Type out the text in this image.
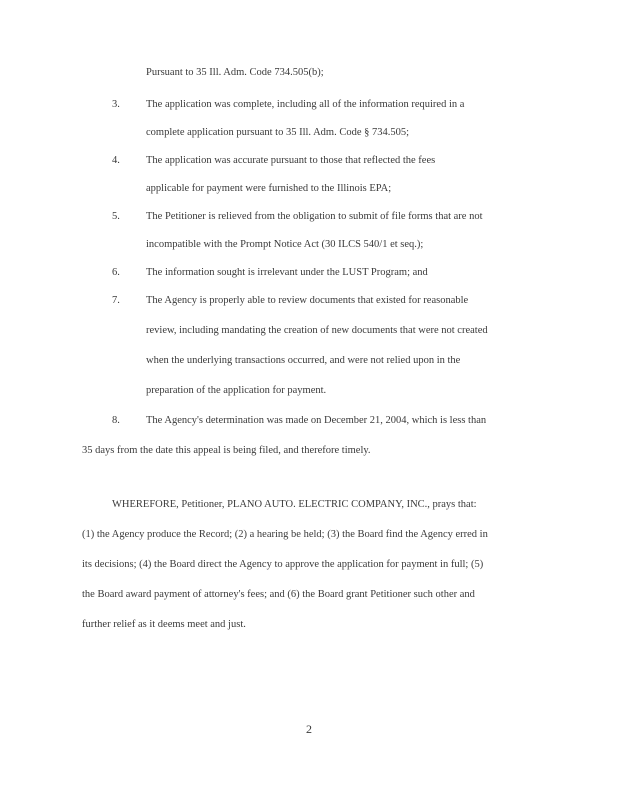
Pursuant to 35 Ill. Adm. Code 734.505(b);
3. The application was complete, including all of the information required in a
complete application pursuant to 35 Ill. Adm. Code § 734.505;
4. The application was accurate pursuant to those that reflected the fees
applicable for payment were furnished to the Illinois EPA;
5. The Petitioner is relieved from the obligation to submit of file forms that are not
incompatible with the Prompt Notice Act (30 ILCS 540/1 et seq.);
6. The information sought is irrelevant under the LUST Program; and
7. The Agency is properly able to review documents that existed for reasonable
review, including mandating the creation of new documents that were not created
when the underlying transactions occurred, and were not relied upon in the
preparation of the application for payment.
8. The Agency's determination was made on December 21, 2004, which is less than
35 days from the date this appeal is being filed, and therefore timely.
WHEREFORE, Petitioner, PLANO AUTO. ELECTRIC COMPANY, INC., prays that:
(1) the Agency produce the Record; (2) a hearing be held; (3) the Board find the Agency erred in
its decisions; (4) the Board direct the Agency to approve the application for payment in full; (5)
the Board award payment of attorney's fees; and (6) the Board grant Petitioner such other and
further relief as it deems meet and just.
2
